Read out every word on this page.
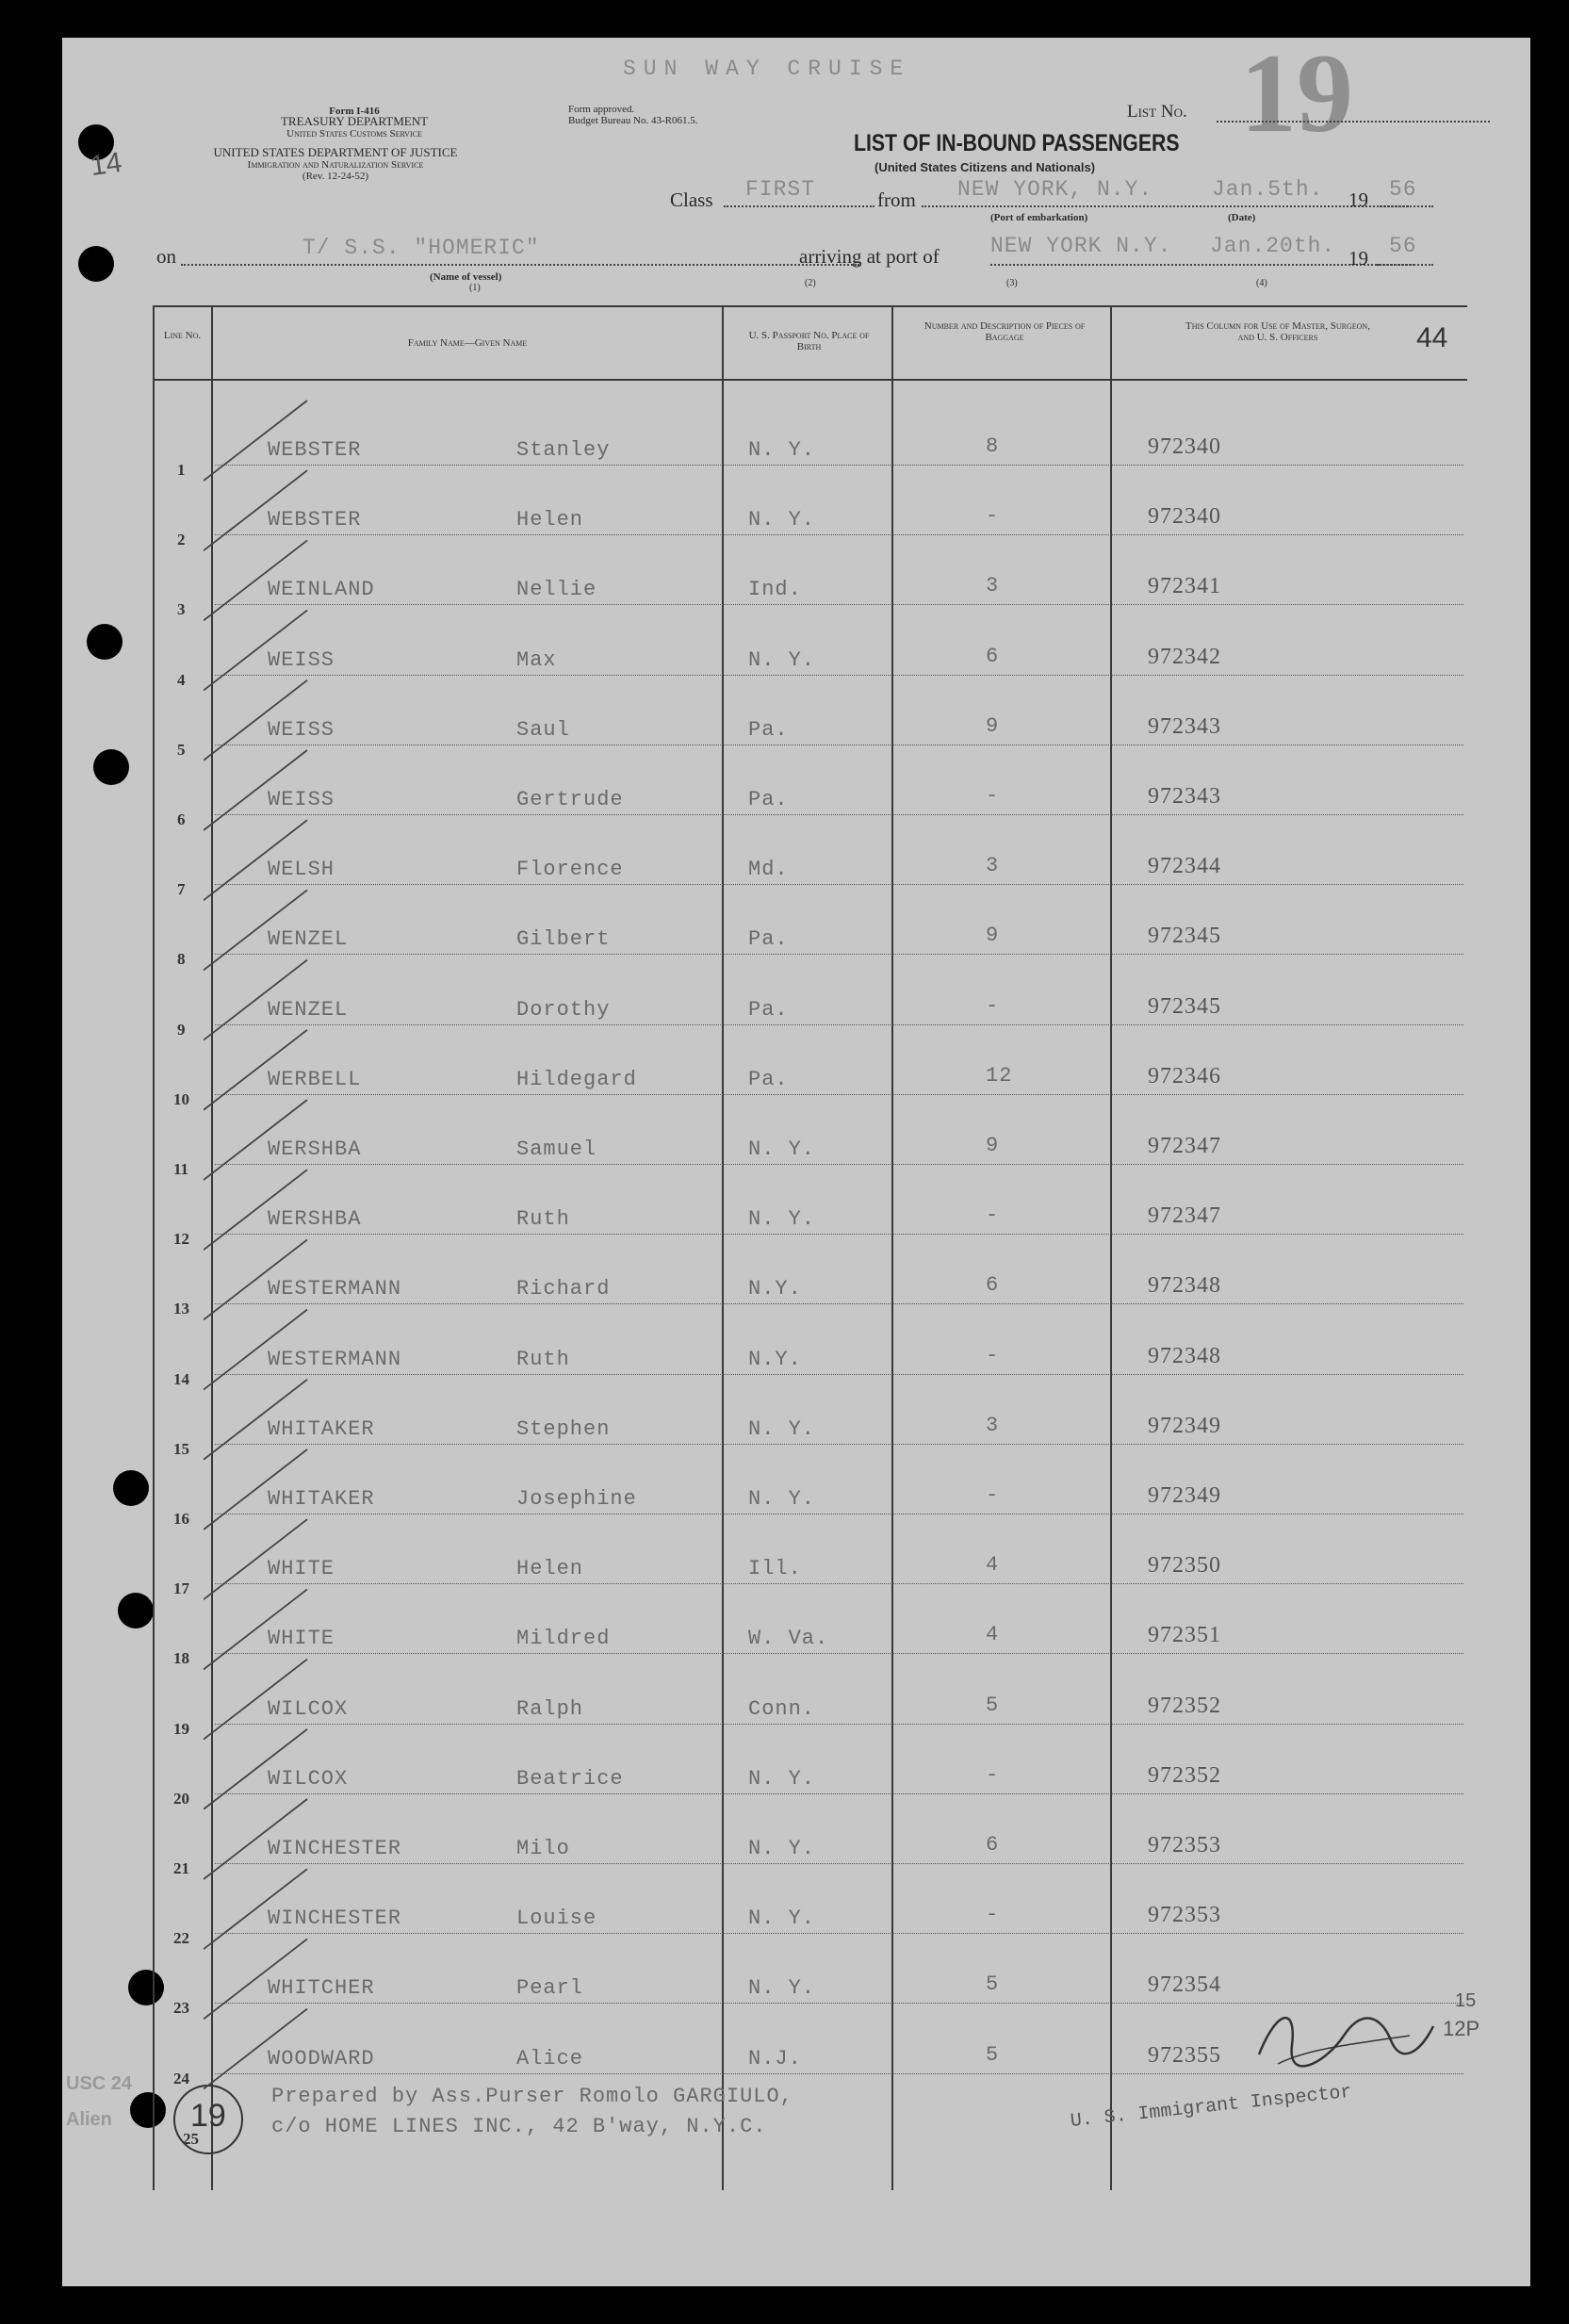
SUN WAY CRUISE	19
14
Form I-416
TREASURY DEPARTMENT
United States Customs Service
UNITED STATES DEPARTMENT OF JUSTICE
Immigration and Naturalization Service
(Rev. 12-24-52)
Form approved.
Budget Bureau No. 43-R061.5.	List No.
LIST OF IN-BOUND PASSENGERS
(United States Citizens and Nationals)
Class FIRST	from NEW YORK, N.Y.	Jan.5th. 19 56
(Port of embarkation)	(Date)
on	T/ S.S. "HOMERIC"
(Name of vessel)
(1)	(2)	(3)	(4)
arriving at port of NEW YORK N.Y. Jan.20th. 19 56
44
Line No.
Family Name—Given Name
U. S. Passport No. Place of Birth
Number and Description of Pieces of Baggage
This Column for Use of Master, Surgeon, and U. S. Officers
1
WEBSTER	Stanley	N. Y.	8	972340
2
WEBSTER	Helen	N. Y.	-	972340
3
WEINLAND	Nellie	Ind.	3	972341
4
WEISS	Max	N. Y.	6	972342
5
WEISS	Saul	Pa.	9	972343
6
WEISS	Gertrude	Pa.	-	972343
7
WELSH	Florence	Md.	3	972344
8
WENZEL	Gilbert	Pa.	9	972345
9
WENZEL	Dorothy	Pa.	-	972345
10
WERBELL	Hildegard	Pa.	12	972346
11
WERSHBA	Samuel	N. Y.	9	972347
12
WERSHBA	Ruth	N. Y.	-	972347
13
WESTERMANN	Richard	N.Y.	6	972348
14
WESTERMANN	Ruth	N.Y.	-	972348
15
WHITAKER	Stephen	N. Y.	3	972349
16
WHITAKER	Josephine	N. Y.	-	972349
17
WHITE	Helen	Ill.	4	972350
18
WHITE	Mildred	W. Va.	4	972351
19
WILCOX	Ralph	Conn.	5	972352
20
WILCOX	Beatrice	N. Y.	-	972352
21
WINCHESTER	Milo	N. Y.	6	972353
22
WINCHESTER	Louise	N. Y.	-	972353
23
WHITCHER	Pearl	N. Y.	5	972354
24
WOODWARD	Alice	N.J.	5	972355
25
19
Prepared by Ass.Purser Romolo GARGIULO,
c/o HOME LINES INC., 42 B'way, N.Y.C.	U. S. Immigrant Inspector
15
12P
USC 24
Alien
